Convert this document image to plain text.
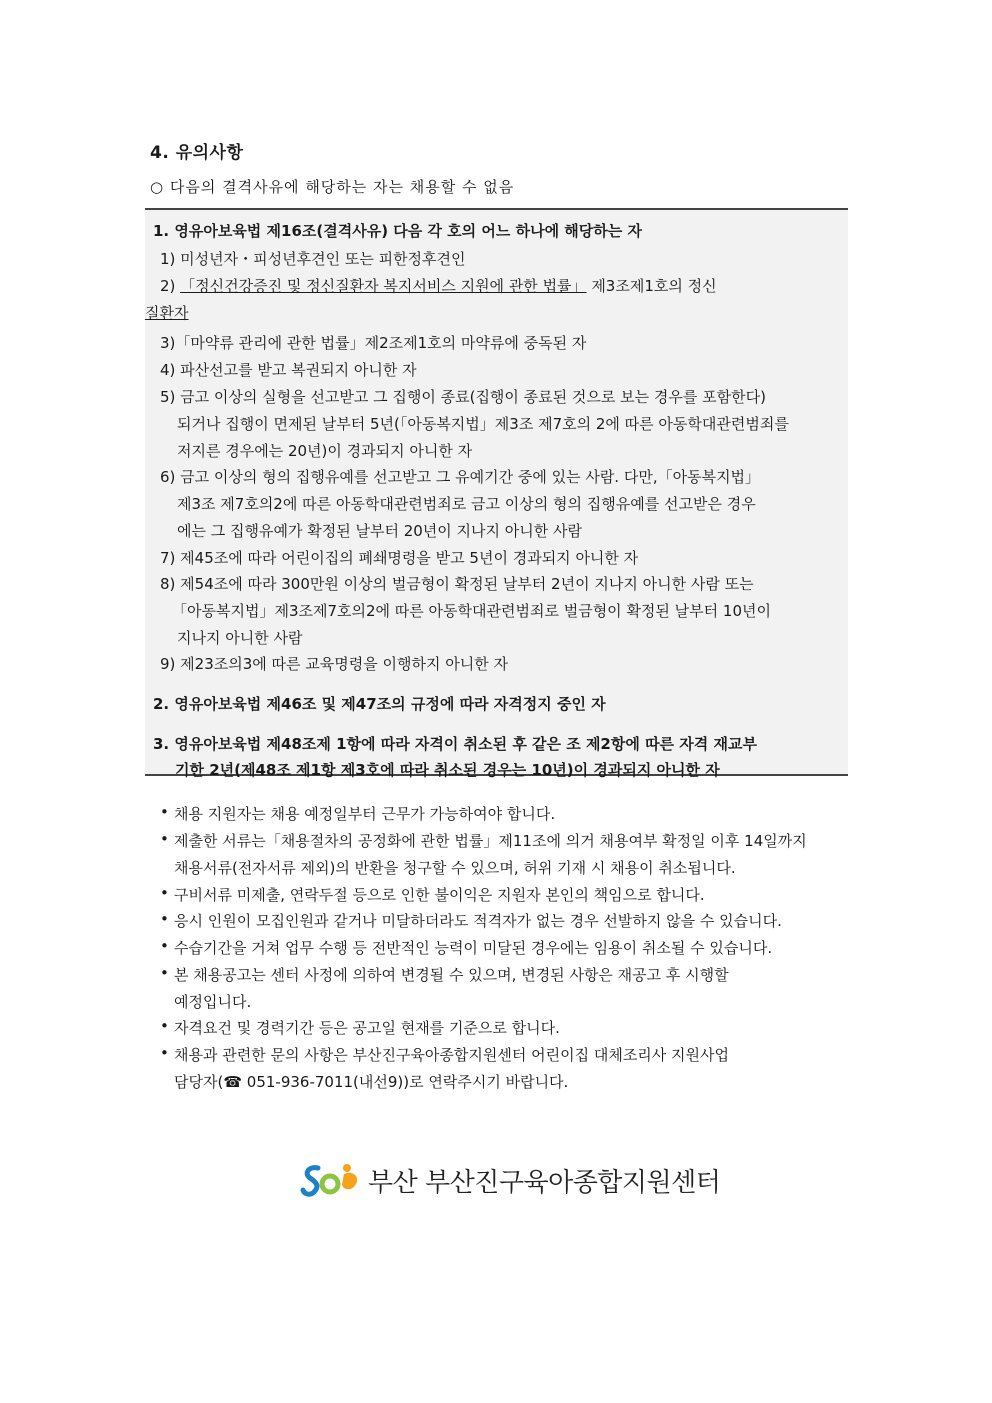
4. 유의사항
○ 다음의 결격사유에 해당하는 자는 채용할 수 없음
1. 영유아보육법 제16조(결격사유) 다음 각 호의 어느 하나에 해당하는 자
1) 미성년자・피성년후견인 또는 피한정후견인
2) 「정신건강증진 및 정신질환자 복지서비스 지원에 관한 법률」 제3조제1호의 정신
질환자
3)「마약류 관리에 관한 법률」제2조제1호의 마약류에 중독된 자
4) 파산선고를 받고 복권되지 아니한 자
5) 금고 이상의 실형을 선고받고 그 집행이 종료(집행이 종료된 것으로 보는 경우를 포함한다)
되거나 집행이 면제된 날부터 5년(「아동복지법」제3조 제7호의 2에 따른 아동학대관련범죄를
저지른 경우에는 20년)이 경과되지 아니한 자
6) 금고 이상의 형의 집행유예를 선고받고 그 유예기간 중에 있는 사람. 다만,「아동복지법」
제3조 제7호의2에 따른 아동학대관련범죄로 금고 이상의 형의 집행유예를 선고받은 경우
에는 그 집행유예가 확정된 날부터 20년이 지나지 아니한 사람
7) 제45조에 따라 어린이집의 폐쇄명령을 받고 5년이 경과되지 아니한 자
8) 제54조에 따라 300만원 이상의 벌금형이 확정된 날부터 2년이 지나지 아니한 사람 또는
「아동복지법」제3조제7호의2에 따른 아동학대관련범죄로 벌금형이 확정된 날부터 10년이
지나지 아니한 사람
9) 제23조의3에 따른 교육명령을 이행하지 아니한 자
2. 영유아보육법 제46조 및 제47조의 규정에 따라 자격정지 중인 자
3. 영유아보육법 제48조제 1항에 따라 자격이 취소된 후 같은 조 제2항에 따른 자격 재교부
기한 2년(제48조 제1항 제3호에 따라 취소된 경우는 10년)이 경과되지 아니한 자
• 채용 지원자는 채용 예정일부터 근무가 가능하여야 합니다.
• 제출한 서류는「채용절차의 공정화에 관한 법률」제11조에 의거 채용여부 확정일 이후 14일까지
채용서류(전자서류 제외)의 반환을 청구할 수 있으며, 허위 기재 시 채용이 취소됩니다.
• 구비서류 미제출, 연락두절 등으로 인한 불이익은 지원자 본인의 책임으로 합니다.
• 응시 인원이 모집인원과 같거나 미달하더라도 적격자가 없는 경우 선발하지 않을 수 있습니다.
• 수습기간을 거쳐 업무 수행 등 전반적인 능력이 미달된 경우에는 임용이 취소될 수 있습니다.
• 본 채용공고는 센터 사정에 의하여 변경될 수 있으며, 변경된 사항은 재공고 후 시행할
예정입니다.
• 자격요건 및 경력기간 등은 공고일 현재를 기준으로 합니다.
• 채용과 관련한 문의 사항은 부산진구육아종합지원센터 어린이집 대체조리사 지원사업
담당자(☎ 051-936-7011(내선9))로 연락주시기 바랍니다.
부산 부산진구육아종합지원센터
